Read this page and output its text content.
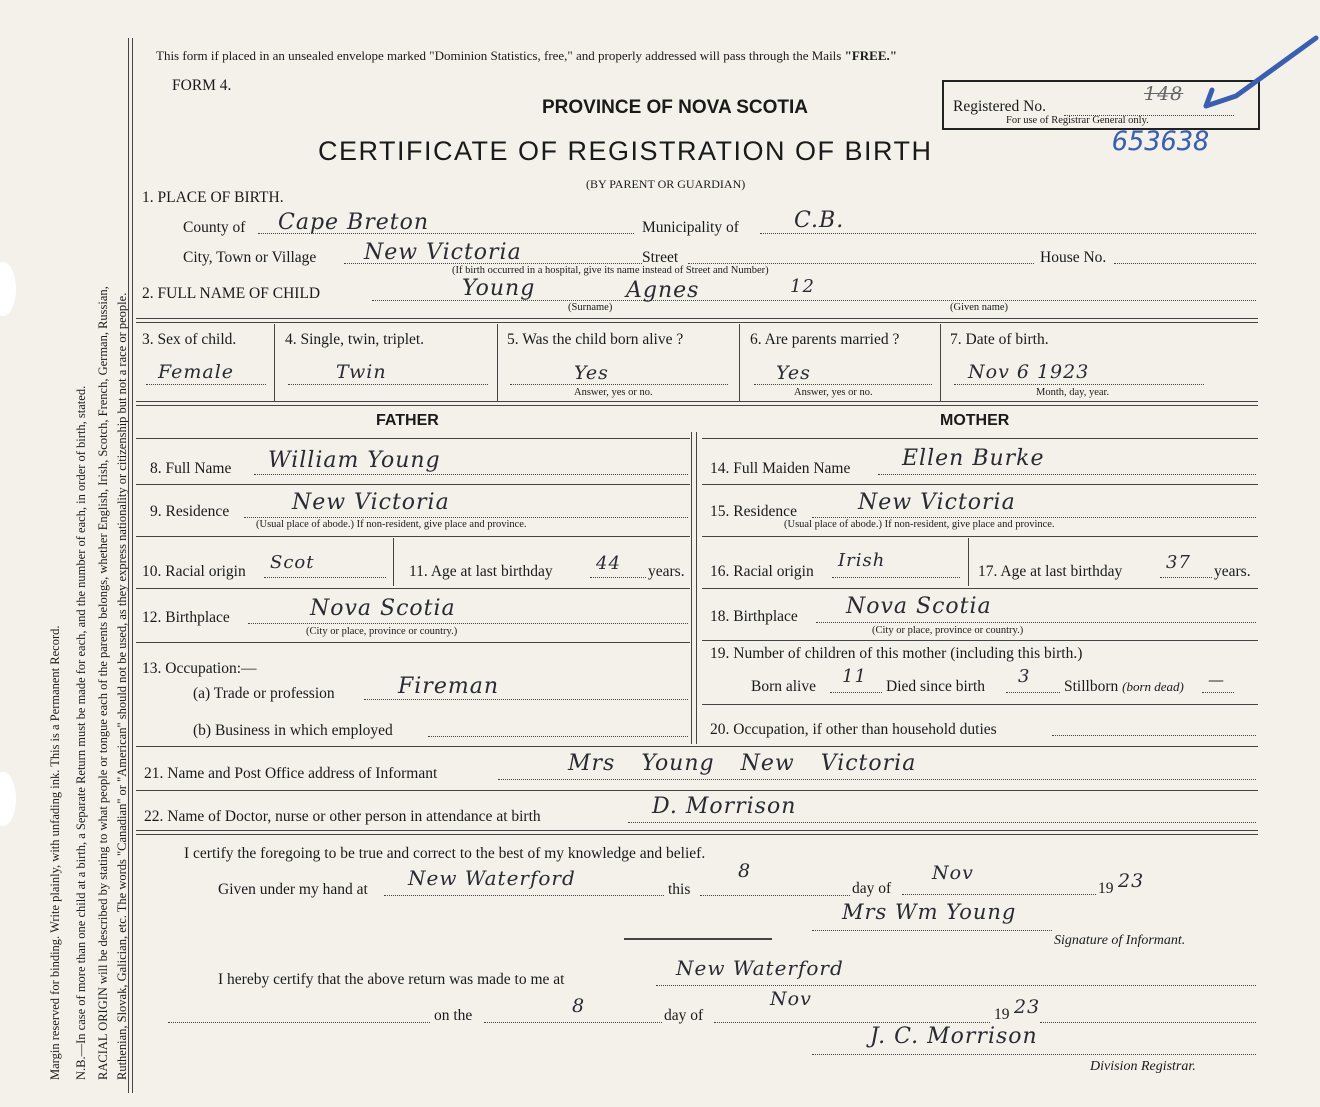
Margin reserved for binding. Write plainly, with unfading ink. This is a Permanent Record. N.B.—In case of more than one child at a birth, a Separate Return must be made for each, and the number of each, in order of birth, stated. RACIAL ORIGIN will be described by stating to what people or tongue each of the parents belongs, whether English, Irish, Scotch, French, German, Russian, Ruthenian, Slovak, Galician, etc. The words "Canadian" or "American" should not be used, as they express nationality or citizenship but not a race or people.
This form if placed in an unsealed envelope marked "Dominion Statistics, free," and properly addressed will pass through the Mails "FREE."
FORM 4.
PROVINCE OF NOVA SCOTIA
CERTIFICATE OF REGISTRATION OF BIRTH
(BY PARENT OR GUARDIAN)
Registered No.
148
For use of Registrar General only.
653638
1. PLACE OF BIRTH.
County of Cape Breton	Municipality of	C.B.
City, Town or Village New Victoria	Street	House No.
(If birth occurred in a hospital, give its name instead of Street and Number)
2. FULL NAME OF CHILD	Young	Agnes	12
(Surname)	(Given name)
3. Sex of child.
Female
4. Single, twin, triplet.
Twin
5. Was the child born alive ?
Yes
Answer, yes or no.
6. Are parents married ?
Yes
Answer, yes or no.
7. Date of birth.
Nov 6 1923
Month, day, year.
FATHER	MOTHER
8. Full Name William Young
9. Residence	New Victoria
(Usual place of abode.) If non-resident, give place and province.
10. Racial origin Scot	11. Age at last birthday 44 years.
12. Birthplace	Nova Scotia
(City or place, province or country.)
13. Occupation:—
(a) Trade or profession	Fireman
(b) Business in which employed
14. Full Maiden Name Ellen Burke
15. Residence	New Victoria
(Usual place of abode.) If non-resident, give place and province.
16. Racial origin
Irish
17. Age at last birthday 37 years.
18. Birthplace Nova Scotia
(City or place, province or country.)
19. Number of children of this mother (including this birth.)
Born alive 11 Died since birth 3 Stillborn (born dead) —
20. Occupation, if other than household duties
21. Name and Post Office address of Informant	Mrs Young New Victoria
22. Name of Doctor, nurse or other person in attendance at birth	D. Morrison
I certify the foregoing to be true and correct to the best of my knowledge and belief.
Given under my hand at New Waterford	this
8
day of
Nov
19 23
Mrs Wm Young
Signature of Informant.
I hereby certify that the above return was made to me at	New Waterford
on the	8	day of
Nov
19 23
J. C. Morrison
Division Registrar.
